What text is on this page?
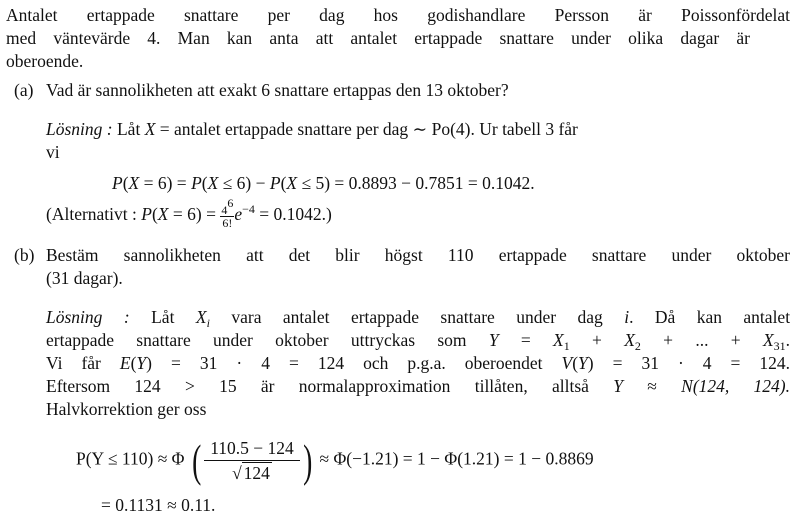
Antalet ertappade snattare per dag hos godishandlare Persson är Poissonfördelat
med väntevärde 4. Man kan anta att antalet ertappade snattare under olika dagar är
oberoende.
(a) Vad är sannolikheten att exakt 6 snattare ertappas den 13 oktober?
Lösning : Låt X = antalet ertappade snattare per dag ∼ Po(4). Ur tabell 3 får
vi
P(X = 6) = P(X ≤ 6) − P(X ≤ 5) = 0.8893 − 0.7851 = 0.1042.
(Alternativt : $P(X = 6) = \frac{4^6}{6!} e^{-4} = 0.1042$.)
(b) Bestäm sannolikheten att det blir högst 110 ertappade snattare under oktober
(31 dagar).
Lösning : Låt $X_i$ vara antalet ertappade snattare under dag i. Då kan antalet
ertappade snattare under oktober uttryckas som $Y = X_1 + X_2$ + ... + $X_{31}$.
Vi får E(Y) = 31 · 4 = 124 och p.g.a. oberoendet V(Y) = 31 · 4 = 124.
Eftersom 124 > 15 är normalapproximation tillåten, alltså Y ≈ N(124, 124).
Halvkorrektion ger oss
P(Y ≤ 110) ≈ Φ ( $\frac{110.5 - 124}{√ 124}$ ) ≈ Φ(−1.21) = 1 − Φ(1.21) = 1 − 0.8869
= 0.1131 ≈ 0.11.
